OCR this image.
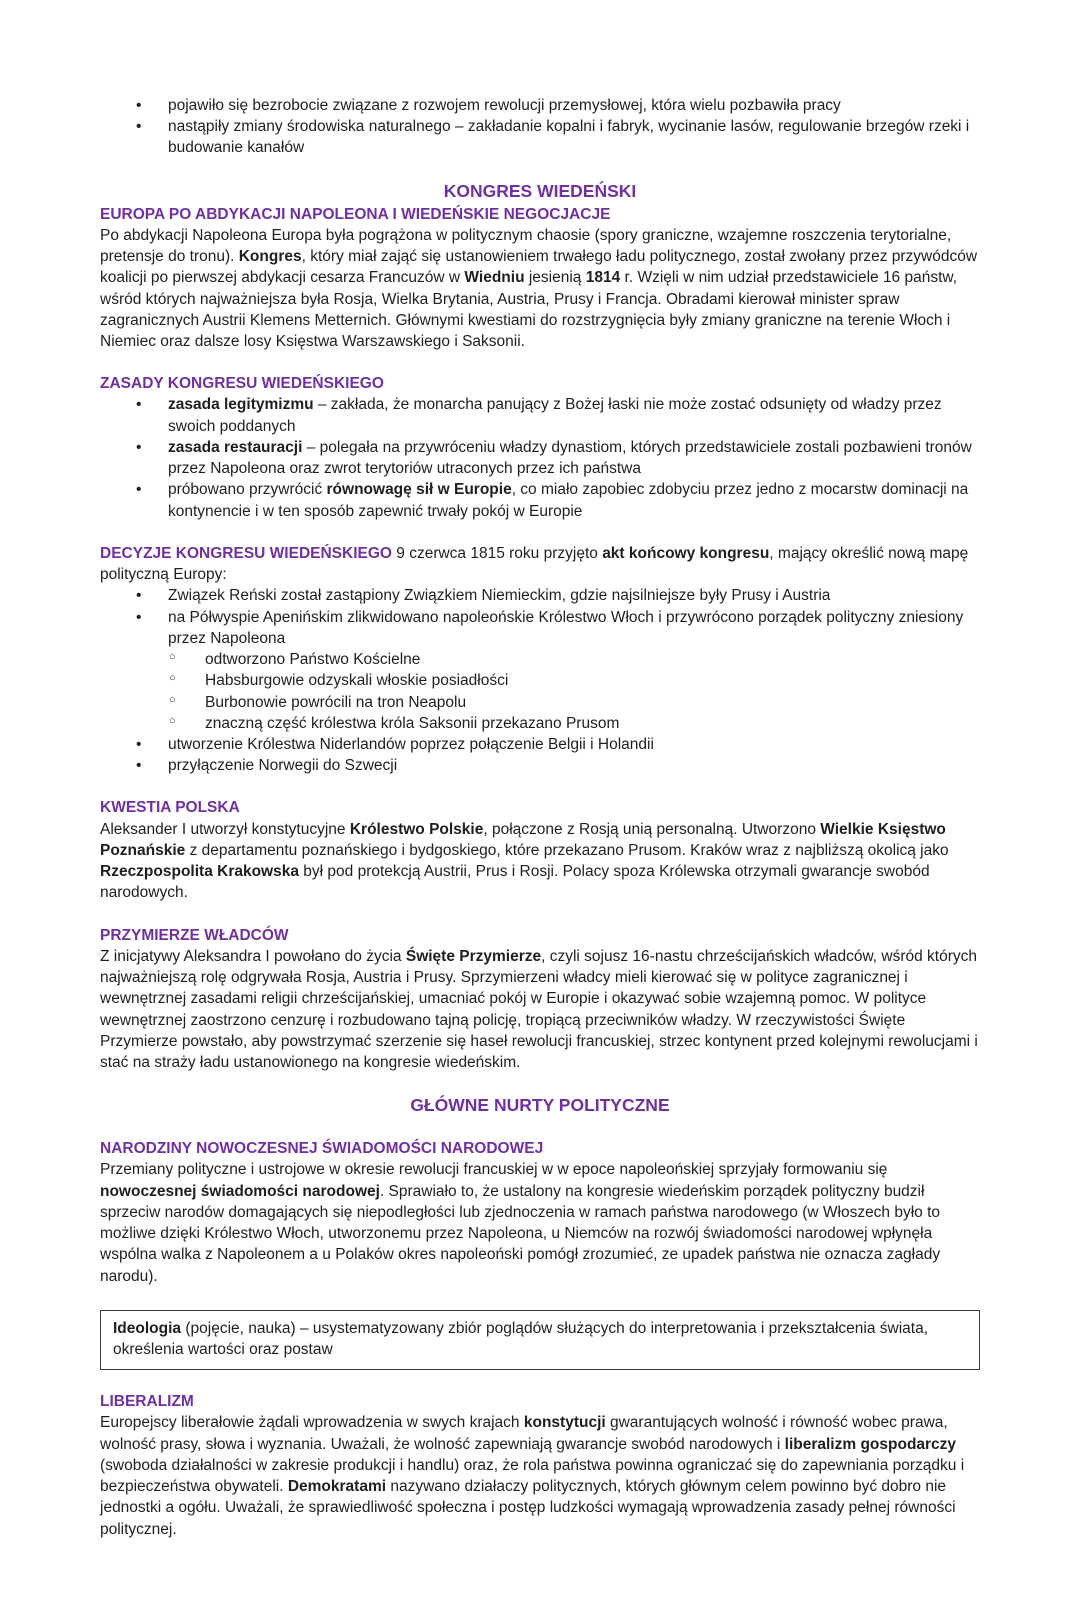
• pojawiło się bezrobocie związane z rozwojem rewolucji przemysłowej, która wielu pozbawiła pracy
• nastąpiły zmiany środowiska naturalnego – zakładanie kopalni i fabryk, wycinanie lasów, regulowanie brzegów rzeki i budowanie kanałów
KONGRES WIEDEŃSKI
EUROPA PO ABDYKACJI NAPOLEONA I WIEDEŃSKIE NEGOCJACJE

Po abdykacji Napoleona Europa była pogrążona w politycznym chaosie (spory graniczne, wzajemne roszczenia terytorialne, pretensje do tronu). Kongres, który miał zająć się ustanowieniem trwałego ładu politycznego, został zwołany przez przywódców koalicji po pierwszej abdykacji cesarza Francuzów w Wiedniu jesienią 1814 r. Wzięli w nim udział przedstawiciele 16 państw, wśród których najważniejsza była Rosja, Wielka Brytania, Austria, Prusy i Francja. Obradami kierował minister spraw zagranicznych Austrii Klemens Metternich. Głównymi kwestiami do rozstrzygnięcia były zmiany graniczne na terenie Włoch i Niemiec oraz dalsze losy Księstwa Warszawskiego i Saksonii.

ZASADY KONGRESU WIEDEŃSKIEGO
• zasada legitymizmu – zakłada, że monarcha panujący z Bożej łaski nie może zostać odsunięty od władzy przez swoich poddanych
• zasada restauracji – polegała na przywróceniu władzy dynastiom, których przedstawiciele zostali pozbawieni tronów przez Napoleona oraz zwrot terytoriów utraconych przez ich państwa
• próbowano przywrócić równowagę sił w Europie, co miało zapobiec zdobyciu przez jedno z mocarstw dominacji na kontynencie i w ten sposób zapewnić trwały pokój w Europie

DECYZJE KONGRESU WIEDEŃSKIEGO 9 czerwca 1815 roku przyjęto akt końcowy kongresu, mający określić nową mapę polityczną Europy:

• Związek Reński został zastąpiony Związkiem Niemieckim, gdzie najsilniejsze były Prusy i Austria
• na Półwyspie Apenińskim zlikwidowano napoleońskie Królestwo Włoch i przywrócono porządek polityczny zniesiony przez Napoleona
○ odtworzono Państwo Kościelne
○ Habsburgowie odzyskali włoskie posiadłości
○ Burbonowie powrócili na tron Neapolu
○ znaczną część królestwa króla Saksonii przekazano Prusom
• utworzenie Królestwa Niderlandów poprzez połączenie Belgii i Holandii
• przyłączenie Norwegii do Szwecji
KWESTIA POLSKA

Aleksander I utworzył konstytucyjne Królestwo Polskie, połączone z Rosją unią personalną. Utworzono Wielkie Księstwo Poznańskie z departamentu poznańskiego i bydgoskiego, które przekazano Prusom. Kraków wraz z najbliższą okolicą jako Rzeczpospolita Krakowska był pod protekcją Austrii, Prus i Rosji. Polacy spoza Królewska otrzymali gwarancje swobód narodowych.

PRZYMIERZE WŁADCÓW

Z inicjatywy Aleksandra I powołano do życia Święte Przymierze, czyli sojusz 16-nastu chrześcijańskich władców, wśród których najważniejszą rolę odgrywała Rosja, Austria i Prusy. Sprzymierzeni władcy mieli kierować się w polityce zagranicznej i wewnętrznej zasadami religii chrześcijańskiej, umacniać pokój w Europie i okazywać sobie wzajemną pomoc. W polityce wewnętrznej zaostrzono cenzurę i rozbudowano tajną policję, tropiącą przeciwników władzy. W rzeczywistości Święte Przymierze powstało, aby powstrzymać szerzenie się haseł rewolucji francuskiej, strzec kontynent przed kolejnymi rewolucjami i stać na straży ładu ustanowionego na kongresie wiedeńskim.

GŁÓWNE NURTY POLITYCZNE
NARODZINY NOWOCZESNEJ ŚWIADOMOŚCI NARODOWEJ

Przemiany polityczne i ustrojowe w okresie rewolucji francuskiej w w epoce napoleońskiej sprzyjały formowaniu się nowoczesnej świadomości narodowej. Sprawiało to, że ustalony na kongresie wiedeńskim porządek polityczny budził sprzeciw narodów domagających się niepodległości lub zjednoczenia w ramach państwa narodowego (w Włoszech było to możliwe dzięki Królestwo Włoch, utworzonemu przez Napoleona, u Niemców na rozwój świadomości narodowej wpłynęła wspólna walka z Napoleonem a u Polaków okres napoleoński pomógł zrozumieć, ze upadek państwa nie oznacza zagłady narodu).

Ideologia (pojęcie, nauka) – usystematyzowany zbiór poglądów służących do interpretowania i przekształcenia świata, określenia wartości oraz postaw

LIBERALIZM

Europejscy liberałowie żądali wprowadzenia w swych krajach konstytucji gwarantujących wolność i równość wobec prawa, wolność prasy, słowa i wyznania. Uważali, że wolność zapewniają gwarancje swobód narodowych i liberalizm gospodarczy (swoboda działalności w zakresie produkcji i handlu) oraz, że rola państwa powinna ograniczać się do zapewniania porządku i bezpieczeństwa obywateli. Demokratami nazywano działaczy politycznych, których głównym celem powinno być dobro nie jednostki a ogółu. Uważali, że sprawiedliwość społeczna i postęp ludzkości wymagają wprowadzenia zasady pełnej równości politycznej.
